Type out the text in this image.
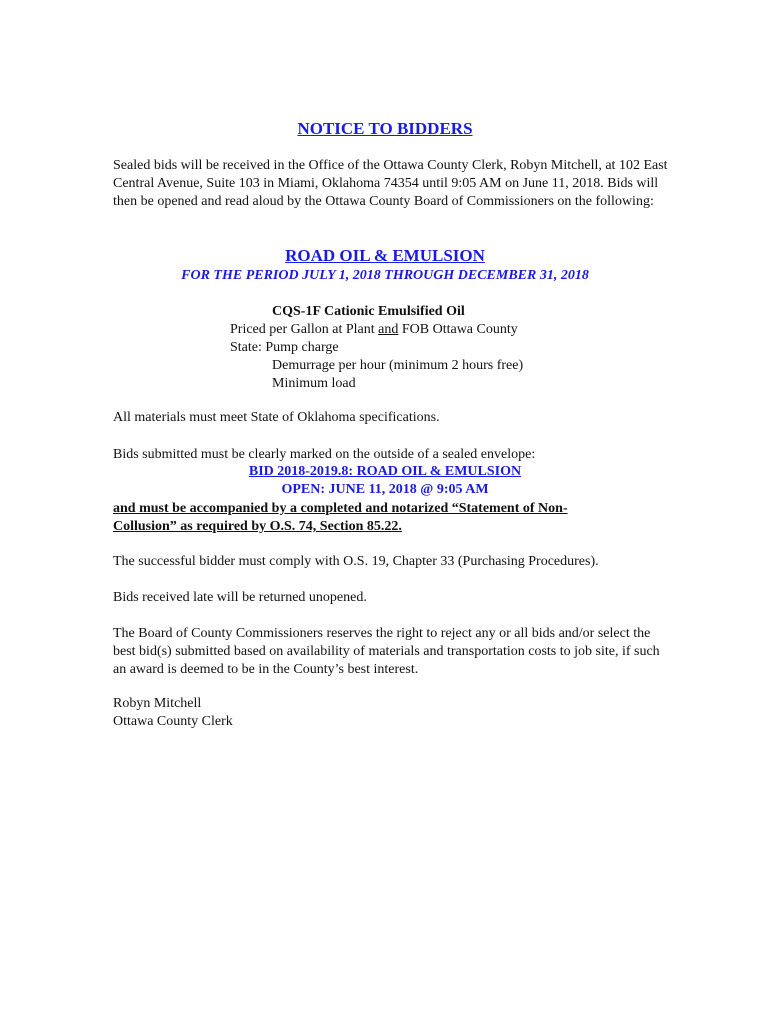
NOTICE TO BIDDERS

Sealed bids will be received in the Office of the Ottawa County Clerk, Robyn Mitchell, at 102 East Central Avenue, Suite 103 in Miami, Oklahoma 74354 until 9:05 AM on June 11, 2018. Bids will then be opened and read aloud by the Ottawa County Board of Commissioners on the following:

ROAD OIL & EMULSION
FOR THE PERIOD JULY 1, 2018 THROUGH DECEMBER 31, 2018
CQS-1F Cationic Emulsified Oil
Priced per Gallon at Plant and FOB Ottawa County
State: Pump charge
Demurrage per hour (minimum 2 hours free)
Minimum load

All materials must meet State of Oklahoma specifications.

Bids submitted must be clearly marked on the outside of a sealed envelope:

BID 2018-2019.8: ROAD OIL & EMULSION
OPEN: JUNE 11, 2018 @ 9:05 AM
and must be accompanied by a completed and notarized “Statement of Non-Collusion” as required by O.S. 74, Section 85.22.

The successful bidder must comply with O.S. 19, Chapter 33 (Purchasing Procedures).

Bids received late will be returned unopened.

The Board of County Commissioners reserves the right to reject any or all bids and/or select the best bid(s) submitted based on availability of materials and transportation costs to job site, if such an award is deemed to be in the County’s best interest.

Robyn Mitchell
Ottawa County Clerk
